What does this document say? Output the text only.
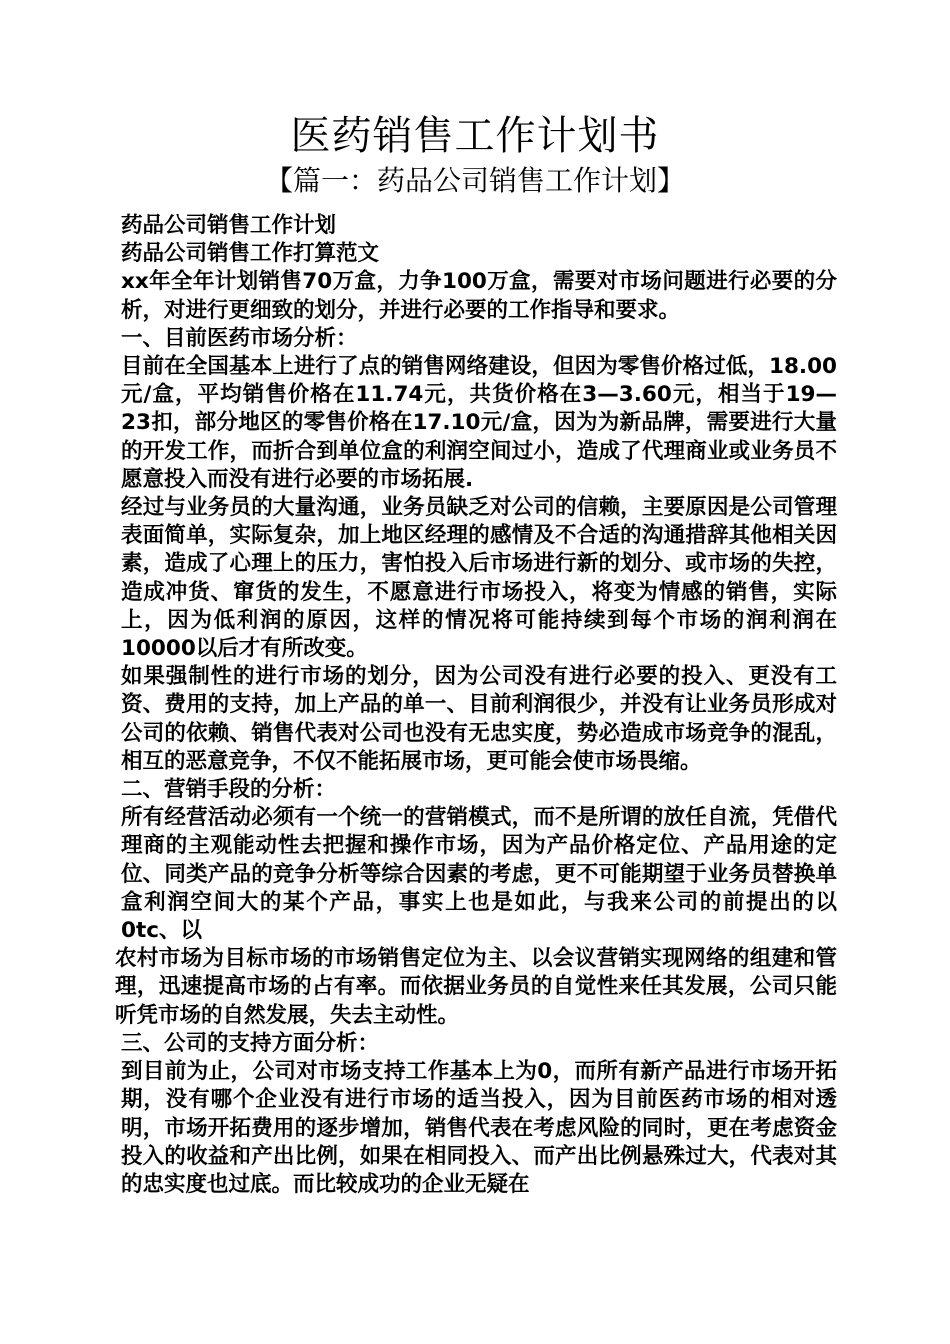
医药销售工作计划书
【篇一：药品公司销售工作计划】

药品公司销售工作计划

药品公司销售工作打算范文

xx年全年计划销售70万盒，力争100万盒，需要对市场问题进行必要的分析，对进行更细致的划分，并进行必要的工作指导和要求。

一、目前医药市场分析：

目前在全国基本上进行了点的销售网络建设，但因为零售价格过低，18.00元/盒，平均销售价格在11.74元，共货价格在3—3.60元，相当于19—23扣，部分地区的零售价格在17.10元/盒，因为为新品牌，需要进行大量的开发工作，而折合到单位盒的利润空间过小，造成了代理商业或业务员不愿意投入而没有进行必要的市场拓展.

经过与业务员的大量沟通，业务员缺乏对公司的信赖，主要原因是公司管理表面简单，实际复杂，加上地区经理的感情及不合适的沟通措辞其他相关因素，造成了心理上的压力，害怕投入后市场进行新的划分、或市场的失控，造成冲货、窜货的发生，不愿意进行市场投入，将变为情感的销售，实际上，因为低利润的原因，这样的情况将可能持续到每个市场的润利润在10000以后才有所改变。

如果强制性的进行市场的划分，因为公司没有进行必要的投入、更没有工资、费用的支持，加上产品的单一、目前利润很少，并没有让业务员形成对公司的依赖、销售代表对公司也没有无忠实度，势必造成市场竞争的混乱，相互的恶意竞争，不仅不能拓展市场，更可能会使市场畏缩。

二、营销手段的分析：

所有经营活动必须有一个统一的营销模式，而不是所谓的放任自流，凭借代理商的主观能动性去把握和操作市场，因为产品价格定位、产品用途的定位、同类产品的竞争分析等综合因素的考虑，更不可能期望于业务员替换单盒利润空间大的某个产品，事实上也是如此，与我来公司的前提出的以0tc、以

农村市场为目标市场的市场销售定位为主、以会议营销实现网络的组建和管理，迅速提高市场的占有率。而依据业务员的自觉性来任其发展，公司只能听凭市场的自然发展，失去主动性。

三、公司的支持方面分析：

到目前为止，公司对市场支持工作基本上为0，而所有新产品进行市场开拓期，没有哪个企业没有进行市场的适当投入，因为目前医药市场的相对透明，市场开拓费用的逐步增加，销售代表在考虑风险的同时，更在考虑资金投入的收益和产出比例，如果在相同投入、而产出比例悬殊过大，代表对其的忠实度也过底。而比较成功的企业无疑在
